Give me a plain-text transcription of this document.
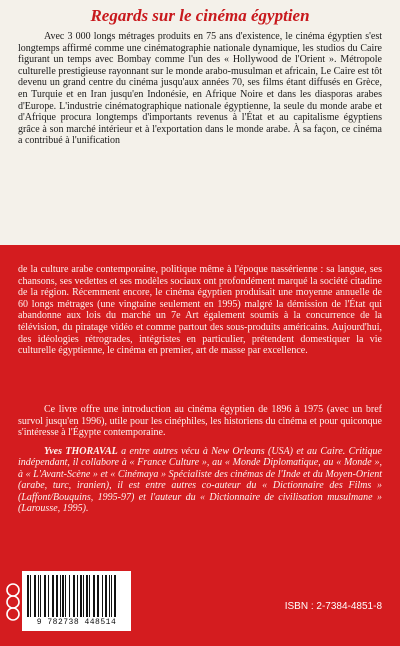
Regards sur le cinéma égyptien

Avec 3 000 longs métrages produits en 75 ans d'existence, le cinéma égyptien s'est longtemps affirmé comme une cinématographie nationale dynamique, les studios du Caire figurant un temps avec Bombay comme l'un des « Hollywood de l'Orient ». Métropole culturelle prestigieuse rayonnant sur le monde arabo-musulman et africain, Le Caire est tôt devenu un grand centre du cinéma jusqu'aux années 70, ses films étant diffusés en Grèce, en Turquie et en Iran jusqu'en Indonésie, en Afrique Noire et dans les diasporas arabes d'Europe. L'industrie cinématographique nationale égyptienne, la seule du monde arabe et d'Afrique procura longtemps d'importants revenus à l'État et au capitalisme égyptiens grâce à son marché intérieur et à l'exportation dans le monde arabe. À sa façon, ce cinéma a contribué à l'unification

de la culture arabe contemporaine, politique même à l'époque nassérienne : sa langue, ses chansons, ses vedettes et ses modèles sociaux ont profondément marqué la société citadine de la région. Récemment encore, le cinéma égyptien produisait une moyenne annuelle de 60 longs métrages (une vingtaine seulement en 1995) malgré la démission de l'État qui abandonne aux lois du marché un 7e Art également soumis à la concurrence de la télévision, du piratage vidéo et comme partout des sous-produits américains. Aujourd'hui, des idéologies rétrogrades, intégristes en particulier, prétendent domestiquer la vie culturelle égyptienne, le cinéma en premier, art de masse par excellence.

Ce livre offre une introduction au cinéma égyptien de 1896 à 1975 (avec un bref survol jusqu'en 1996), utile pour les cinéphiles, les historiens du cinéma et pour quiconque s'intéresse à l'Égypte contemporaine.

Yves THORAVAL a entre autres vécu à New Orleans (USA) et au Caire. Critique indépendant, il collabore à « France Culture », au « Monde Diplomatique, au « Monde », à « L'Avant-Scène » et « Cinémaya » Spécialiste des cinémas de l'Inde et du Moyen-Orient (arabe, turc, iranien), il est entre autres co-auteur du « Dictionnaire des Films » (Laffont/Bouquins, 1995-97) et l'auteur du « Dictionnaire de civilisation musulmane » (Larousse, 1995).

9 782738 448514
ISBN : 2-7384-4851-8
